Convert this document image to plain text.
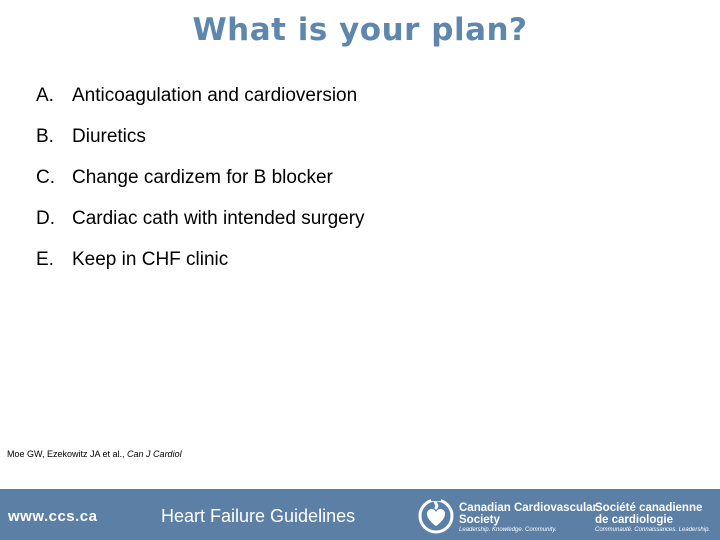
What is your plan?
A. Anticoagulation and cardioversion
B. Diuretics
C. Change cardizem for B blocker
D. Cardiac cath with intended surgery
E. Keep in CHF clinic
Moe GW, Ezekowitz JA et al., Can J Cardiol
www.ccs.ca	Heart Failure Guidelines	Canadian Cardiovascular
Society
Leadership. Knowledge. Community.
Société canadienne
de cardiologie
Communauté. Connaissances. Leadership.
